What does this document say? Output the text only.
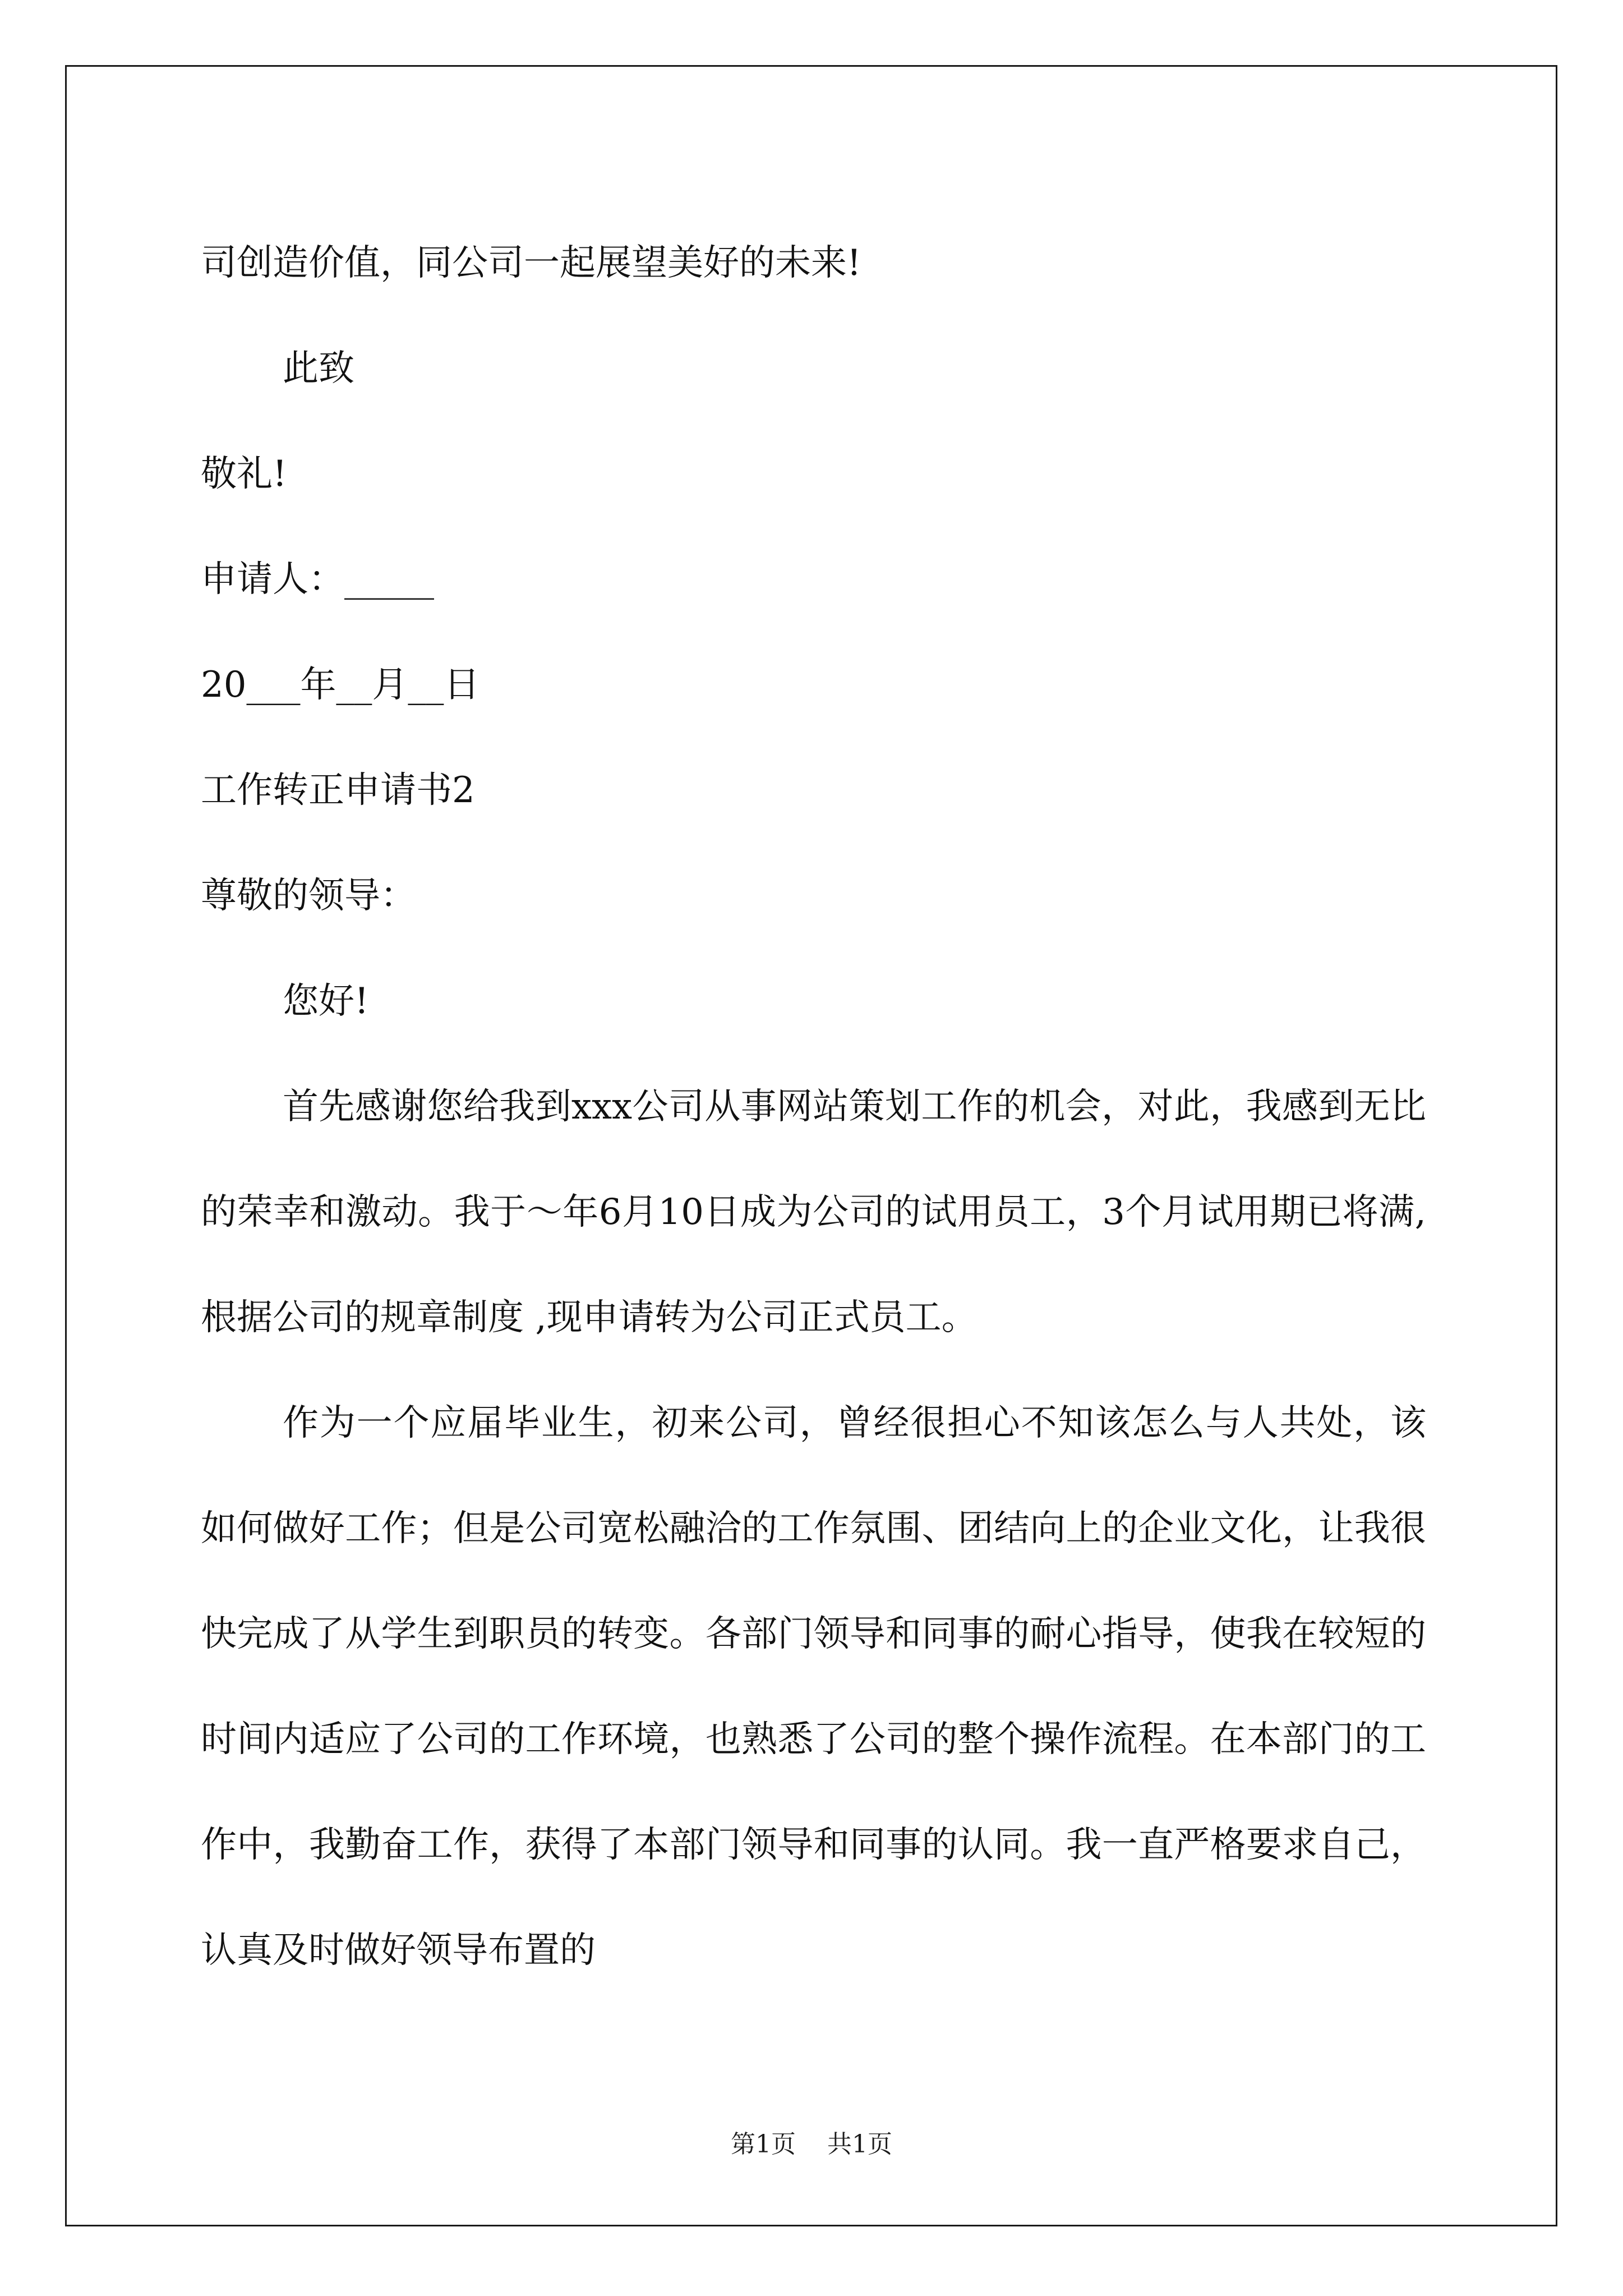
司创造价值，同公司一起展望美好的未来!
此致
敬礼!
申请人：_____
20___年__月__日
工作转正申请书2
尊敬的领导：
您好!

首先感谢您给我到xxx公司从事网站策划工作的机会，对此，我感到无比的荣幸和激动。我于～年6月10日成为公司的试用员工，3个月试用期已将满,根据公司的规章制度 ,现申请转为公司正式员工。

作为一个应届毕业生，初来公司，曾经很担心不知该怎么与人共处，该如何做好工作；但是公司宽松融洽的工作氛围、团结向上的企业文化，让我很快完成了从学生到职员的转变。各部门领导和同事的耐心指导，使我在较短的时间内适应了公司的工作环境，也熟悉了公司的整个操作流程。在本部门的工作中，我勤奋工作，获得了本部门领导和同事的认同。我一直严格要求自己，认真及时做好领导布置的

第1页    共1页
